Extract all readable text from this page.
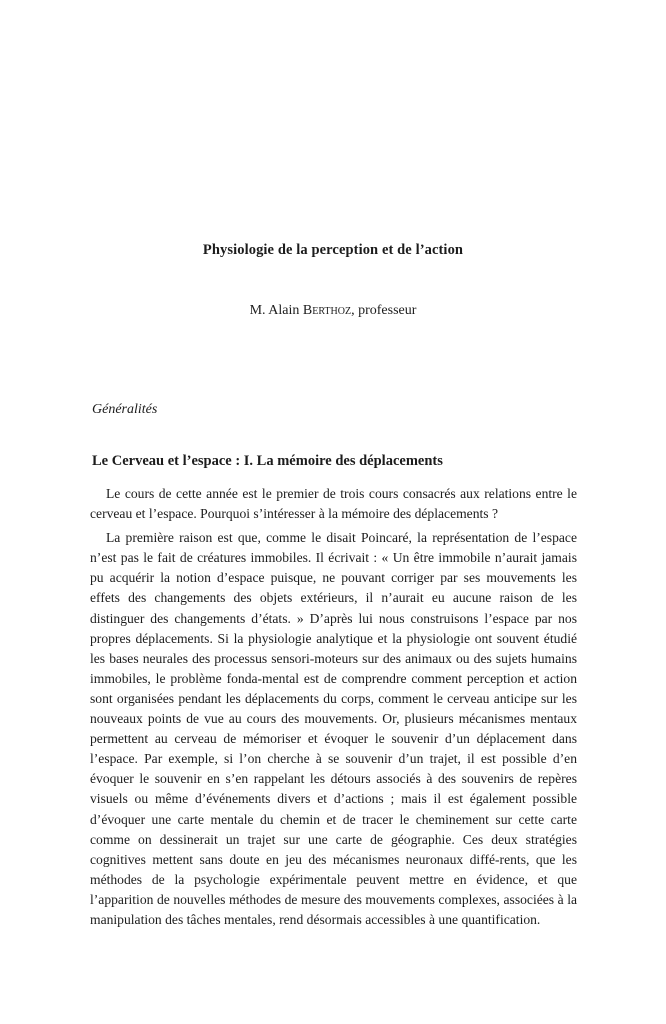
Physiologie de la perception et de l’action
M. Alain Berthoz, professeur
Généralités
Le Cerveau et l’espace : I. La mémoire des déplacements

Le cours de cette année est le premier de trois cours consacrés aux relations entre le cerveau et l’espace. Pourquoi s’intéresser à la mémoire des déplacements ?

La première raison est que, comme le disait Poincaré, la représentation de l’espace n’est pas le fait de créatures immobiles. Il écrivait : « Un être immobile n’aurait jamais pu acquérir la notion d’espace puisque, ne pouvant corriger par ses mouvements les effets des changements des objets extérieurs, il n’aurait eu aucune raison de les distinguer des changements d’états. » D’après lui nous construisons l’espace par nos propres déplacements. Si la physiologie analytique et la physiologie ont souvent étudié les bases neurales des processus sensori-moteurs sur des animaux ou des sujets humains immobiles, le problème fonda-mental est de comprendre comment perception et action sont organisées pendant les déplacements du corps, comment le cerveau anticipe sur les nouveaux points de vue au cours des mouvements. Or, plusieurs mécanismes mentaux permettent au cerveau de mémoriser et évoquer le souvenir d’un déplacement dans l’espace. Par exemple, si l’on cherche à se souvenir d’un trajet, il est possible d’en évoquer le souvenir en s’en rappelant les détours associés à des souvenirs de repères visuels ou même d’événements divers et d’actions ; mais il est également possible d’évoquer une carte mentale du chemin et de tracer le cheminement sur cette carte comme on dessinerait un trajet sur une carte de géographie. Ces deux stratégies cognitives mettent sans doute en jeu des mécanismes neuronaux diffé-rents, que les méthodes de la psychologie expérimentale peuvent mettre en évidence, et que l’apparition de nouvelles méthodes de mesure des mouvements complexes, associées à la manipulation des tâches mentales, rend désormais accessibles à une quantification.
